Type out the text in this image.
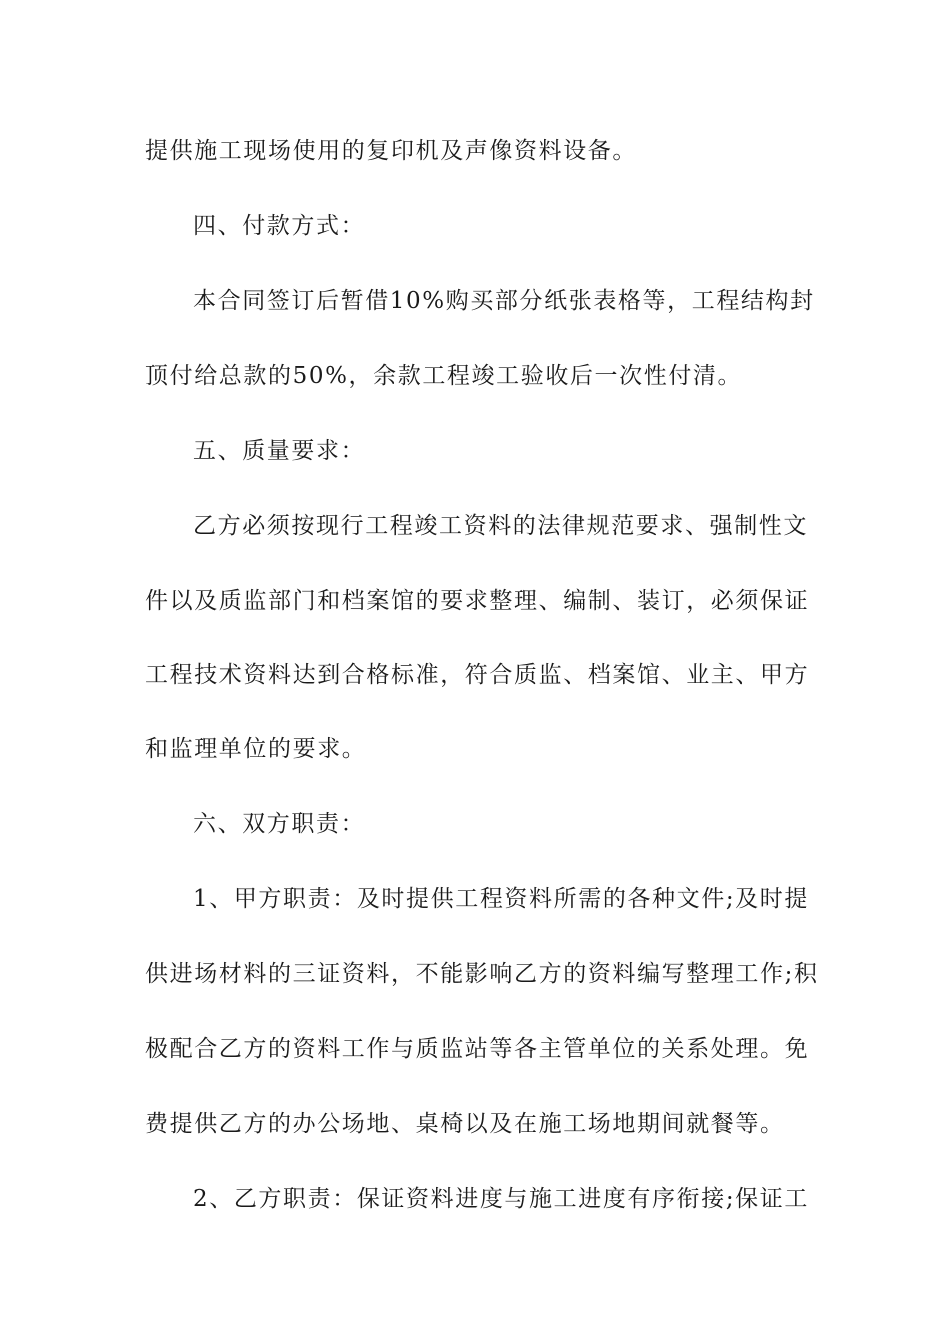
提供施工现场使用的复印机及声像资料设备。
四、付款方式：
本合同签订后暂借10%购买部分纸张表格等，工程结构封
顶付给总款的50%，余款工程竣工验收后一次性付清。
五、质量要求：
乙方必须按现行工程竣工资料的法律规范要求、强制性文
件以及质监部门和档案馆的要求整理、编制、装订，必须保证
工程技术资料达到合格标准，符合质监、档案馆、业主、甲方
和监理单位的要求。
六、双方职责：
1、甲方职责：及时提供工程资料所需的各种文件;及时提
供进场材料的三证资料，不能影响乙方的资料编写整理工作;积
极配合乙方的资料工作与质监站等各主管单位的关系处理。免
费提供乙方的办公场地、桌椅以及在施工场地期间就餐等。
2、乙方职责：保证资料进度与施工进度有序衔接;保证工
